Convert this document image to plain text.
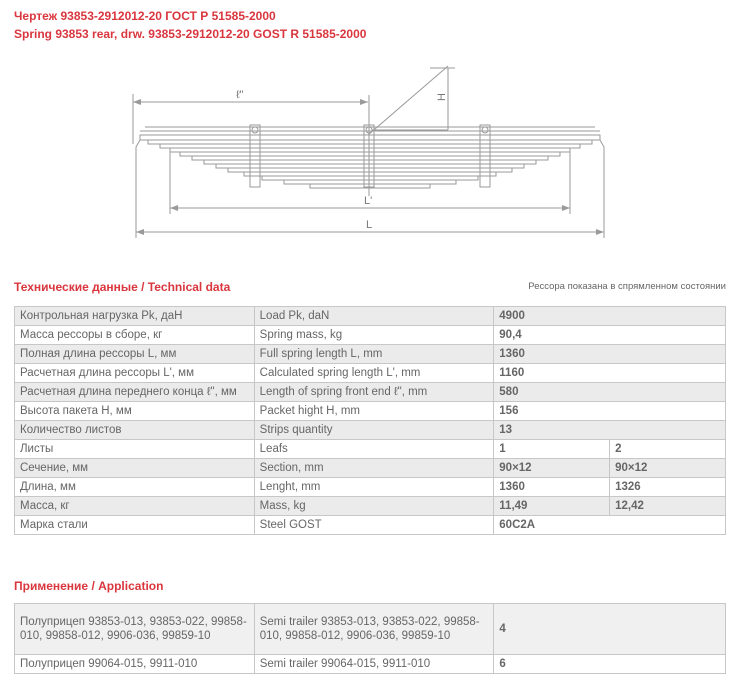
Чертеж 93853-2912012-20 ГОСТ Р 51585-2000
Spring 93853 rear, drw. 93853-2912012-20 GOST R 51585-2000
ℓ"	H
L'
L
Технические данные / Technical data	Рессора показана в спрямленном состоянии
Контрольная нагрузка Pk, даН	Load Pk, daN	4900	
Масса рессоры в сборе, кг	Spring mass, kg	90,4	
Полная длина рессоры L, мм	Full spring length L, mm	1360	
Расчетная длина рессоры L', мм	Calculated spring length L', mm	1160	
Расчетная длина переднего конца ℓ", мм	Length of spring front end ℓ", mm	580	
Высота пакета H, мм	Packet hight H, mm	156	
Количество листов	Strips quantity	13	
Листы	Leafs	1	2
Сечение, мм	Section, mm	90×12	90×12
Длина, мм	Lenght, mm	1360	1326
Масса, кг	Mass, kg	11,49	12,42
Марка стали	Steel GOST	60С2А	
Применение / Application
Полуприцеп 93853-013, 93853-022, 99858-010, 99858-012, 9906-036, 99859-10	Semi trailer 93853-013, 93853-022, 99858-010, 99858-012, 9906-036, 99859-10	4
Полуприцеп 99064-015, 9911-010	Semi trailer 99064-015, 9911-010	6
